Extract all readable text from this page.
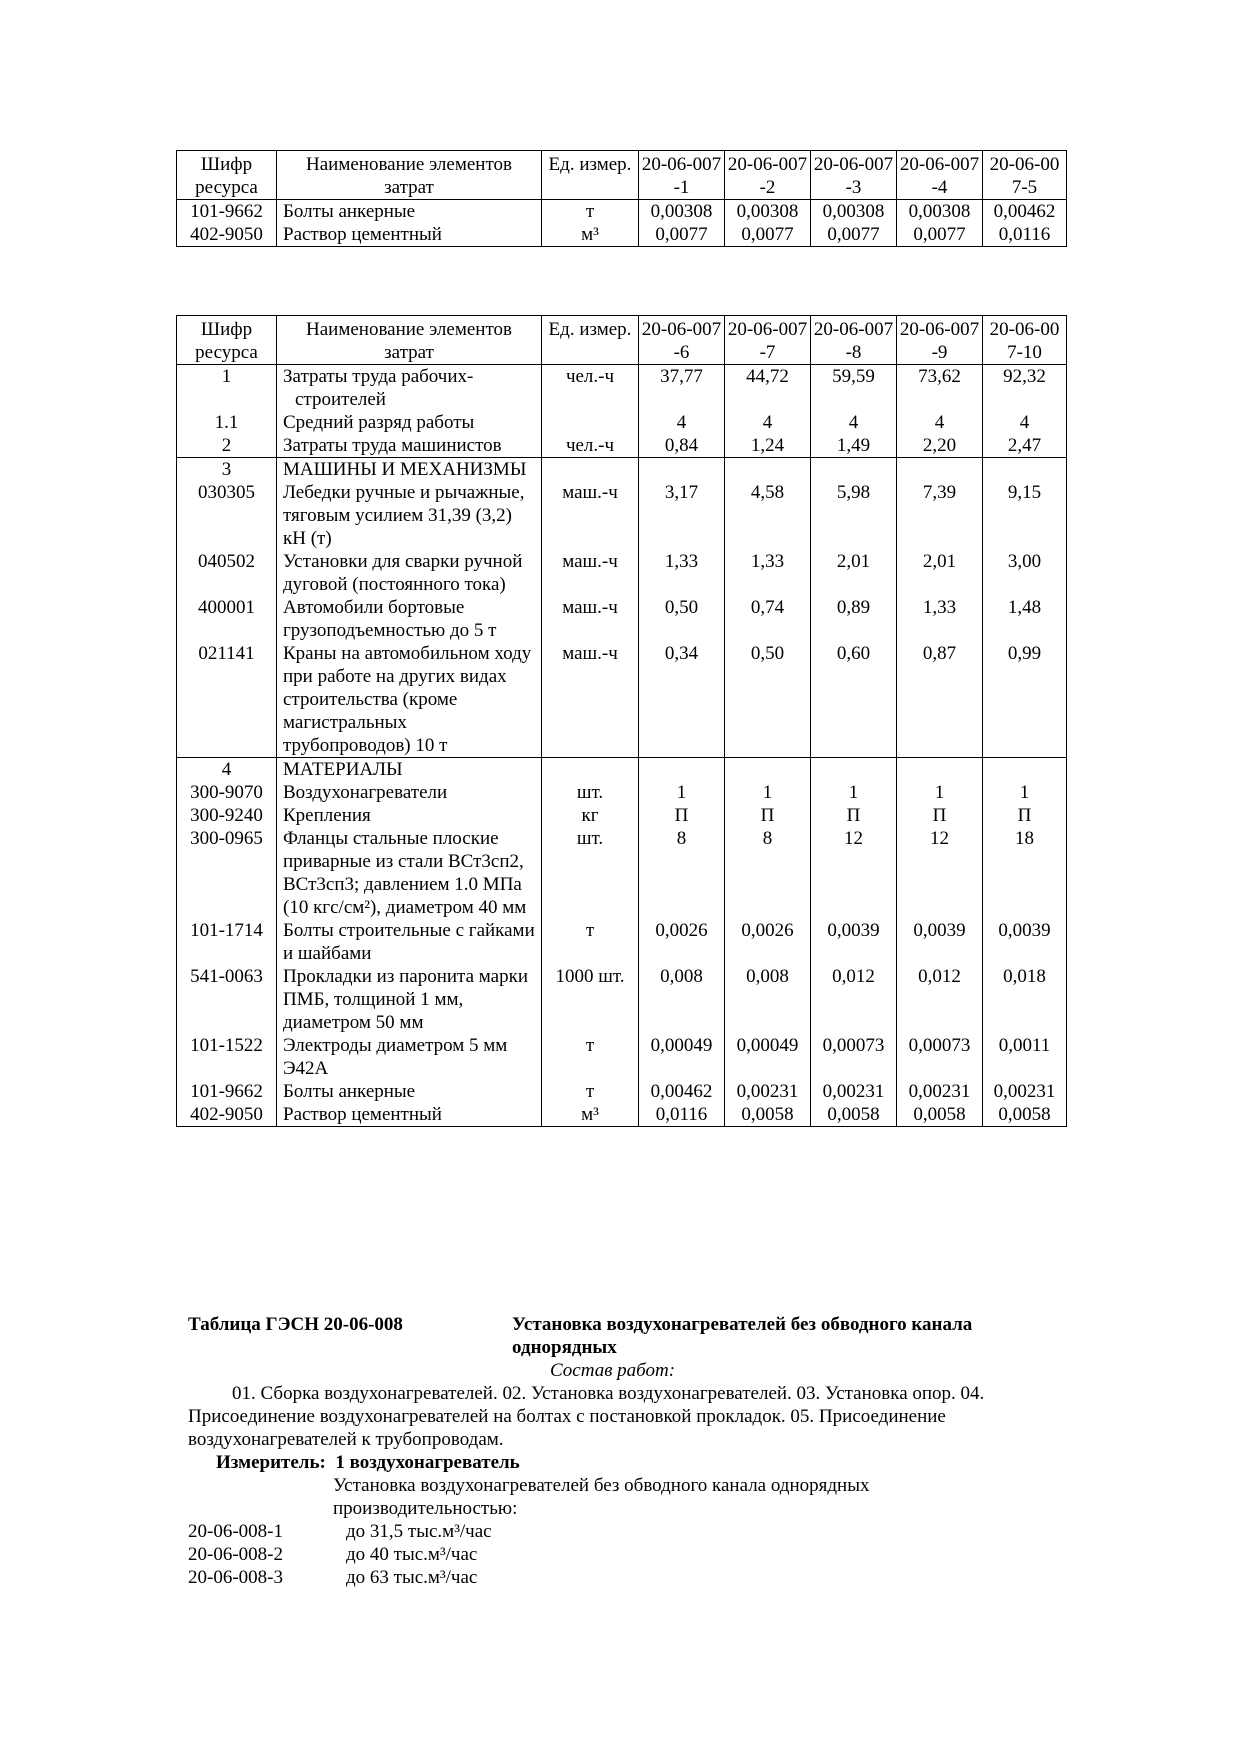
Шифр ресурса	Наименование элементов затрат	Ед. измер.	20-06-007-1	20-06-007-2	20-06-007-3	20-06-007-4	20-06-007-5
101-9662	Болты анкерные	т	0,00308	0,00308	0,00308	0,00308	0,00462
402-9050	Раствор цементный	м³	0,0077	0,0077	0,0077	0,0077	0,0116
Шифр ресурса	Наименование элементов затрат	Ед. измер.	20-06-007-6	20-06-007-7	20-06-007-8	20-06-007-9	20-06-007-10
1	Затраты труда рабочих-строителей	чел.-ч	37,77	44,72	59,59	73,62	92,32
1.1	Средний разряд работы		4	4	4	4	4
2	Затраты труда машинистов	чел.-ч	0,84	1,24	1,49	2,20	2,47
3	МАШИНЫ И МЕХАНИЗМЫ						
030305	Лебедки ручные и рычажные, тяговым усилием 31,39 (3,2) кН (т)	маш.-ч	3,17	4,58	5,98	7,39	9,15
040502	Установки для сварки ручной дуговой (постоянного тока)	маш.-ч	1,33	1,33	2,01	2,01	3,00
400001	Автомобили бортовые грузоподъемностью до 5 т	маш.-ч	0,50	0,74	0,89	1,33	1,48
021141	Краны на автомобильном ходу при работе на других видах строительства (кроме магистральных трубопроводов) 10 т	маш.-ч	0,34	0,50	0,60	0,87	0,99
4	МАТЕРИАЛЫ						
300-9070	Воздухонагреватели	шт.	1	1	1	1	1
300-9240	Крепления	кг	П	П	П	П	П
300-0965	Фланцы стальные плоские приварные из стали ВСт3сп2, ВСт3сп3; давлением 1.0 МПа (10 кгс/см²), диаметром 40 мм	шт.	8	8	12	12	18
101-1714	Болты строительные с гайками и шайбами	т	0,0026	0,0026	0,0039	0,0039	0,0039
541-0063	Прокладки из паронита марки ПМБ, толщиной 1 мм, диаметром 50 мм	1000 шт.	0,008	0,008	0,012	0,012	0,018
101-1522	Электроды диаметром 5 мм Э42А	т	0,00049	0,00049	0,00073	0,00073	0,0011
101-9662	Болты анкерные	т	0,00462	0,00231	0,00231	0,00231	0,00231
402-9050	Раствор цементный	м³	0,0116	0,0058	0,0058	0,0058	0,0058
Таблица ГЭСН 20-06-008	Установка воздухонагревателей без обводного канала однорядных
Состав работ:
01. Сборка воздухонагревателей. 02. Установка воздухонагревателей. 03. Установка опор. 04. Присоединение воздухонагревателей на болтах с постановкой прокладок. 05. Присоединение воздухонагревателей к трубопроводам.
Измеритель: 1 воздухонагреватель
Установка воздухонагревателей без обводного канала однорядных
производительностью:
20-06-008-1	до 31,5 тыс.м³/час
20-06-008-2	до 40 тыс.м³/час
20-06-008-3	до 63 тыс.м³/час
